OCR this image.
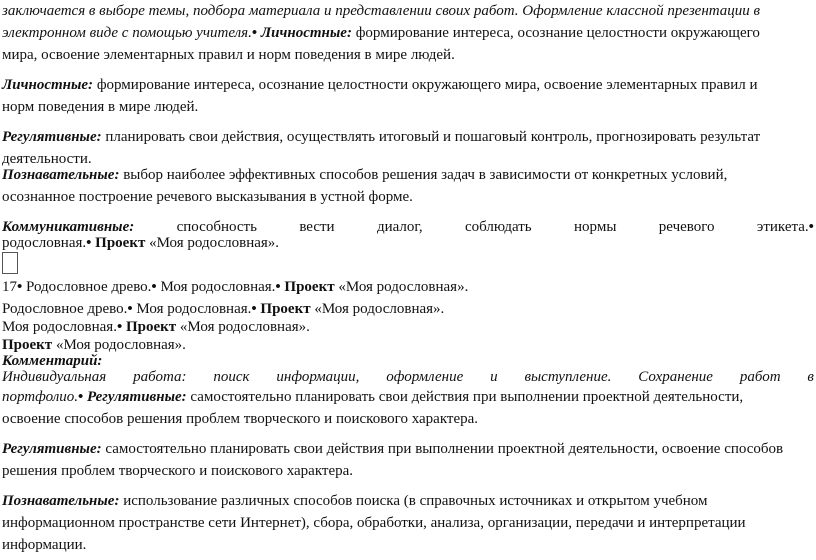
заключается в выборе темы, подбора материала и представлении своих работ. Оформление классной презентации в
электронном виде с помощью учителя.• Личностные: формирование интереса, осознание целостности окружающего
мира, освоение элементарных правил и норм поведения в мире людей.
Личностные: формирование интереса, осознание целостности окружающего мира, освоение элементарных правил и
норм поведения в мире людей.
Регулятивные: планировать свои действия, осуществлять итоговый и пошаговый контроль, прогнозировать результат
деятельности.
Познавательные: выбор наиболее эффективных способов решения задач в зависимости от конкретных условий,
осознанное построение речевого высказывания в устной форме.
Коммуникативные:	способность	вести	диалог,	соблюдать	нормы	речевого	этикета.•
родословная.• Проект «Моя родословная».
17• Родословное древо.• Моя родословная.• Проект «Моя родословная».
Родословное древо.• Моя родословная.• Проект «Моя родословная».
Моя родословная.• Проект «Моя родословная».
Проект «Моя родословная».
Комментарий:
Индивидуальная работа: поиск информации, оформление и выступление. Сохранение работ в
портфолио.• Регулятивные: самостоятельно планировать свои действия при выполнении проектной деятельности,
освоение способов решения проблем творческого и поискового характера.
Регулятивные: самостоятельно планировать свои действия при выполнении проектной деятельности, освоение способов
решения проблем творческого и поискового характера.
Познавательные: использование различных способов поиска (в справочных источниках и открытом учебном
информационном пространстве сети Интернет), сбора, обработки, анализа, организации, передачи и интерпретации
информации.
